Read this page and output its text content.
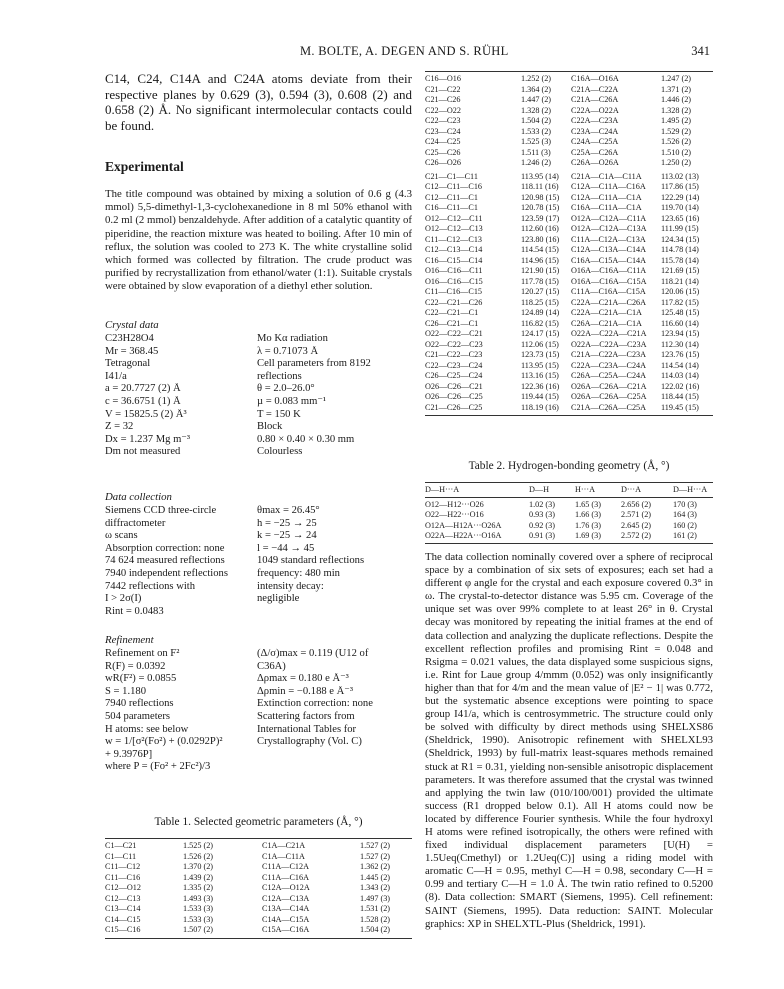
M. BOLTE, A. DEGEN AND S. RÜHL	341

C14, C24, C14A and C24A atoms deviate from their respective planes by 0.629 (3), 0.594 (3), 0.608 (2) and 0.658 (2) Å. No significant intermolecular contacts could be found.

Experimental

The title compound was obtained by mixing a solution of 0.6 g (4.3 mmol) 5,5-dimethyl-1,3-cyclohexanedione in 8 ml 50% ethanol with 0.2 ml (2 mmol) benzaldehyde. After addition of a catalytic quantity of piperidine, the reaction mixture was heated to boiling. After 10 min of reflux, the solution was cooled to 273 K. The white crystalline solid which formed was collected by filtration. The crude product was purified by recrystallization from ethanol/water (1:1). Suitable crystals were obtained by slow evaporation of a diethyl ether solution.

Crystal data
C23H28O4	Mo Kα radiation
Mr = 368.45	λ = 0.71073 Å
Tetragonal	Cell parameters from 8192
I41/a	reflections
a = 20.7727 (2) Å	θ = 2.0–26.0°
c = 36.6751 (1) Å	µ = 0.083 mm⁻¹
V = 15825.5 (2) Å³	T = 150 K
Z = 32	Block
Dx = 1.237 Mg m⁻³	0.80 × 0.40 × 0.30 mm
Dm not measured	Colourless
Data collection
Siemens CCD three-circle	θmax = 26.45°
diffractometer	h = −25 → 25
ω scans	k = −25 → 24
Absorption correction: none	l = −44 → 45
74 624 measured reflections	1049 standard reflections
7940 independent reflections	frequency: 480 min
7442 reflections with	intensity decay:
I > 2σ(I)	negligible
Rint = 0.0483
Refinement
Refinement on F²	(Δ/σ)max = 0.119 (U12 of
R(F) = 0.0392	C36A)
wR(F²) = 0.0855	Δρmax = 0.180 e Å⁻³
S = 1.180	Δρmin = −0.188 e Å⁻³
7940 reflections	Extinction correction: none
504 parameters	Scattering factors from
H atoms: see below	International Tables for
w = 1/[σ²(Fo²) + (0.0292P)²	Crystallography (Vol. C)
+ 9.3976P]
where P = (Fo² + 2Fc²)/3
Table 1. Selected geometric parameters (Å, °)
C1—C21	1.525 (2)	C1A—C21A	1.527 (2)
C1—C11	1.526 (2)	C1A—C11A	1.527 (2)
C11—C12	1.370 (2)	C11A—C12A	1.362 (2)
C11—C16	1.439 (2)	C11A—C16A	1.445 (2)
C12—O12	1.335 (2)	C12A—O12A	1.343 (2)
C12—C13	1.493 (3)	C12A—C13A	1.497 (3)
C13—C14	1.533 (3)	C13A—C14A	1.531 (2)
C14—C15	1.533 (3)	C14A—C15A	1.528 (2)
C15—C16	1.507 (2)	C15A—C16A	1.504 (2)
C16—O16	1.252 (2)	C16A—O16A	1.247 (2)
C21—C22	1.364 (2)	C21A—C22A	1.371 (2)
C21—C26	1.447 (2)	C21A—C26A	1.446 (2)
C22—O22	1.328 (2)	C22A—O22A	1.328 (2)
C22—C23	1.504 (2)	C22A—C23A	1.495 (2)
C23—C24	1.533 (2)	C23A—C24A	1.529 (2)
C24—C25	1.525 (3)	C24A—C25A	1.526 (2)
C25—C26	1.511 (3)	C25A—C26A	1.510 (2)
C26—O26	1.246 (2)	C26A—O26A	1.250 (2)
C21—C1—C11	113.95 (14)	C21A—C1A—C11A	113.02 (13)
C12—C11—C16	118.11 (16)	C12A—C11A—C16A	117.86 (15)
C12—C11—C1	120.98 (15)	C12A—C11A—C1A	122.29 (14)
C16—C11—C1	120.78 (15)	C16A—C11A—C1A	119.70 (14)
O12—C12—C11	123.59 (17)	O12A—C12A—C11A	123.65 (16)
O12—C12—C13	112.60 (16)	O12A—C12A—C13A	111.99 (15)
C11—C12—C13	123.80 (16)	C11A—C12A—C13A	124.34 (15)
C12—C13—C14	114.54 (15)	C12A—C13A—C14A	114.78 (14)
C16—C15—C14	114.96 (15)	C16A—C15A—C14A	115.78 (14)
O16—C16—C11	121.90 (15)	O16A—C16A—C11A	121.69 (15)
O16—C16—C15	117.78 (15)	O16A—C16A—C15A	118.21 (14)
C11—C16—C15	120.27 (15)	C11A—C16A—C15A	120.06 (15)
C22—C21—C26	118.25 (15)	C22A—C21A—C26A	117.82 (15)
C22—C21—C1	124.89 (14)	C22A—C21A—C1A	125.48 (15)
C26—C21—C1	116.82 (15)	C26A—C21A—C1A	116.60 (14)
O22—C22—C21	124.17 (15)	O22A—C22A—C21A	123.94 (15)
O22—C22—C23	112.06 (15)	O22A—C22A—C23A	112.30 (14)
C21—C22—C23	123.73 (15)	C21A—C22A—C23A	123.76 (15)
C22—C23—C24	113.95 (15)	C22A—C23A—C24A	114.54 (14)
C26—C25—C24	113.16 (15)	C26A—C25A—C24A	114.03 (14)
O26—C26—C21	122.36 (16)	O26A—C26A—C21A	122.02 (16)
O26—C26—C25	119.44 (15)	O26A—C26A—C25A	118.44 (15)
C21—C26—C25	118.19 (16)	C21A—C26A—C25A	119.45 (15)
Table 2. Hydrogen-bonding geometry (Å, °)
D—H···A	D—H	H···A	D···A	D—H···A
O12—H12···O26	1.02 (3)	1.65 (3)	2.656 (2)	170 (3)
O22—H22···O16	0.93 (3)	1.66 (3)	2.571 (2)	164 (3)
O12A—H12A···O26A	0.92 (3)	1.76 (3)	2.645 (2)	160 (2)
O22A—H22A···O16A	0.91 (3)	1.69 (3)	2.572 (2)	161 (2)

The data collection nominally covered over a sphere of reciprocal space by a combination of six sets of exposures; each set had a different φ angle for the crystal and each exposure covered 0.3° in ω. The crystal-to-detector distance was 5.95 cm. Coverage of the unique set was over 99% complete to at least 26° in θ. Crystal decay was monitored by repeating the initial frames at the end of data collection and analyzing the duplicate reflections. Despite the excellent reflection profiles and promising Rint = 0.048 and Rsigma = 0.021 values, the data displayed some suspicious signs, i.e. Rint for Laue group 4/mmm (0.052) was only insignificantly higher than that for 4/m and the mean value of |E² − 1| was 0.772, but the systematic absence exceptions were pointing to space group I41/a, which is centrosymmetric. The structure could only be solved with difficulty by direct methods using SHELXS86 (Sheldrick, 1990). Anisotropic refinement with SHELXL93 (Sheldrick, 1993) by full-matrix least-squares methods remained stuck at R1 = 0.31, yielding non-sensible anisotropic displacement parameters. It was therefore assumed that the crystal was twinned and applying the twin law (010/100/001) provided the ultimate success (R1 dropped below 0.1). All H atoms could now be located by difference Fourier synthesis. While the four hydroxyl H atoms were refined isotropically, the others were refined with fixed individual displacement parameters [U(H) = 1.5Ueq(Cmethyl) or 1.2Ueq(C)] using a riding model with aromatic C—H = 0.95, methyl C—H = 0.98, secondary C—H = 0.99 and tertiary C—H = 1.0 Å. The twin ratio refined to 0.5200 (8). Data collection: SMART (Siemens, 1995). Cell refinement: SAINT (Siemens, 1995). Data reduction: SAINT. Molecular graphics: XP in SHELXTL-Plus (Sheldrick, 1991).
